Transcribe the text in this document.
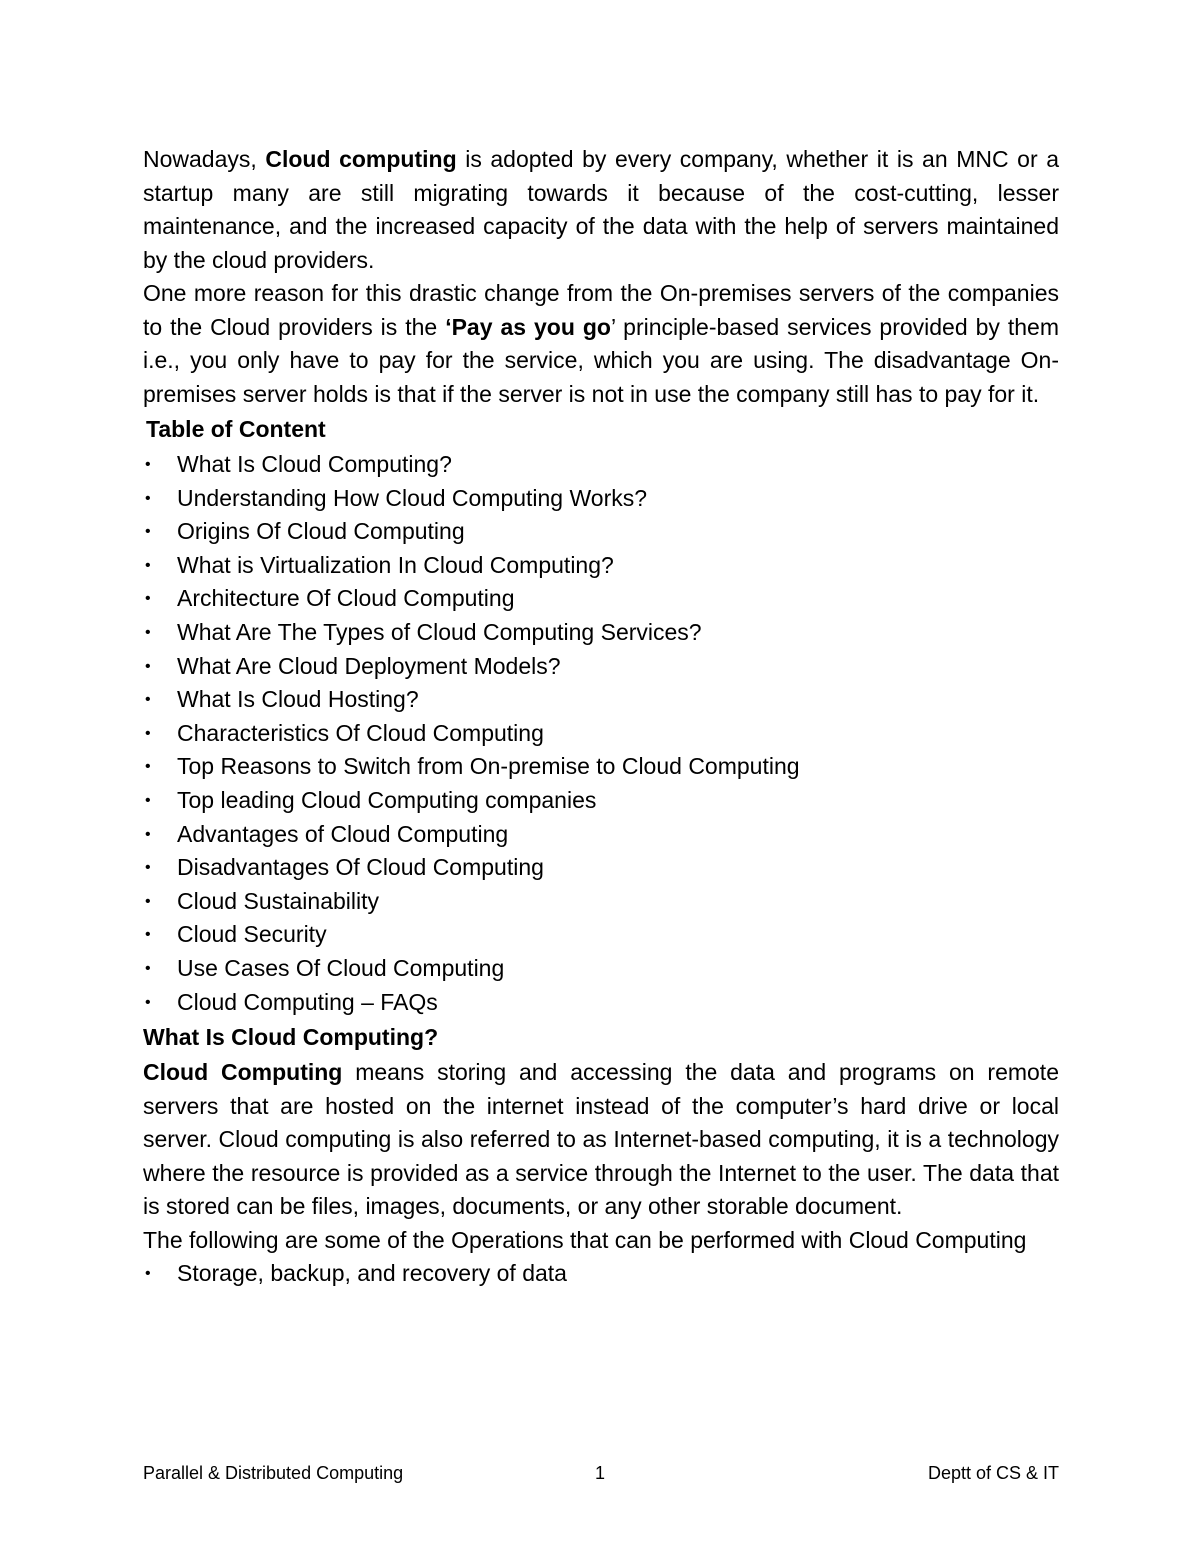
Nowadays, Cloud computing is adopted by every company, whether it is an MNC or a startup many are still migrating towards it because of the cost-cutting, lesser maintenance, and the increased capacity of the data with the help of servers maintained by the cloud providers.

One more reason for this drastic change from the On-premises servers of the companies to the Cloud providers is the ‘Pay as you go’ principle-based services provided by them i.e., you only have to pay for the service, which you are using. The disadvantage On-premises server holds is that if the server is not in use the company still has to pay for it.

Table of Content
• What Is Cloud Computing?
• Understanding How Cloud Computing Works?
• Origins Of Cloud Computing
• What is Virtualization In Cloud Computing?
• Architecture Of Cloud Computing
• What Are The Types of Cloud Computing Services?
• What Are Cloud Deployment Models?
• What Is Cloud Hosting?
• Characteristics Of Cloud Computing
• Top Reasons to Switch from On-premise to Cloud Computing
• Top leading Cloud Computing companies
• Advantages of Cloud Computing
• Disadvantages Of Cloud Computing
• Cloud Sustainability
• Cloud Security
• Use Cases Of Cloud Computing
• Cloud Computing – FAQs
What Is Cloud Computing?

Cloud Computing means storing and accessing the data and programs on remote servers that are hosted on the internet instead of the computer’s hard drive or local server. Cloud computing is also referred to as Internet-based computing, it is a technology where the resource is provided as a service through the Internet to the user. The data that is stored can be files, images, documents, or any other storable document.

The following are some of the Operations that can be performed with Cloud Computing

• Storage, backup, and recovery of data
Parallel & Distributed Computing	1	Deptt of CS & IT
